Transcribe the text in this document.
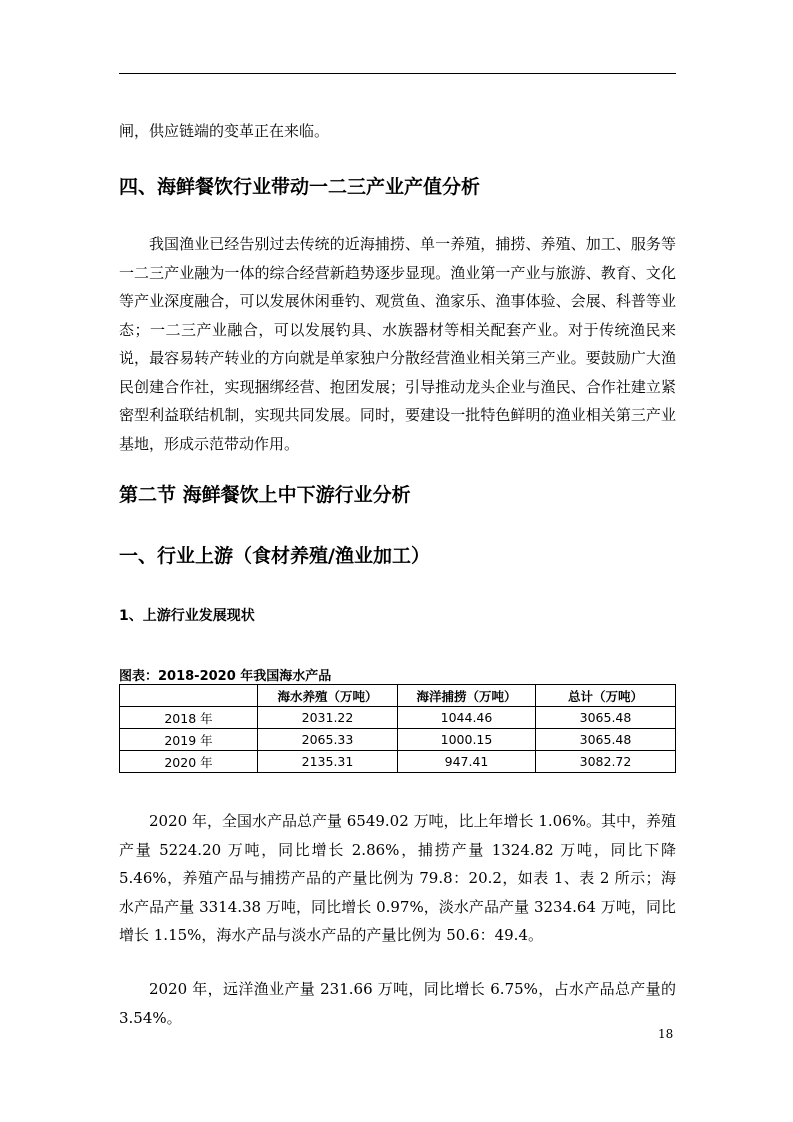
闸，供应链端的变革正在来临。

四、海鲜餐饮行业带动一二三产业产值分析

我国渔业已经告别过去传统的近海捕捞、单一养殖，捕捞、养殖、加工、服务等一二三产业融为一体的综合经营新趋势逐步显现。渔业第一产业与旅游、教育、文化等产业深度融合，可以发展休闲垂钓、观赏鱼、渔家乐、渔事体验、会展、科普等业态；一二三产业融合，可以发展钓具、水族器材等相关配套产业。对于传统渔民来说，最容易转产转业的方向就是单家独户分散经营渔业相关第三产业。要鼓励广大渔民创建合作社，实现捆绑经营、抱团发展；引导推动龙头企业与渔民、合作社建立紧密型利益联结机制，实现共同发展。同时，要建设一批特色鲜明的渔业相关第三产业基地，形成示范带动作用。

第二节 海鲜餐饮上中下游行业分析
一、行业上游（食材养殖/渔业加工）
1、上游行业发展现状
图表：2018-2020 年我国海水产品
	海水养殖（万吨）	海洋捕捞（万吨）	总计（万吨）
2018 年	2031.22	1044.46	3065.48
2019 年	2065.33	1000.15	3065.48
2020 年	2135.31	947.41	3082.72

2020 年，全国水产品总产量 6549.02 万吨，比上年增长 1.06%。其中，养殖产量 5224.20 万吨，同比增长 2.86%，捕捞产量 1324.82 万吨，同比下降 5.46%，养殖产品与捕捞产品的产量比例为 79.8：20.2，如表 1、表 2 所示；海水产品产量 3314.38 万吨，同比增长 0.97%，淡水产品产量 3234.64 万吨，同比增长 1.15%，海水产品与淡水产品的产量比例为 50.6：49.4。

2020 年，远洋渔业产量 231.66 万吨，同比增长 6.75%，占水产品总产量的 3.54%。

18
